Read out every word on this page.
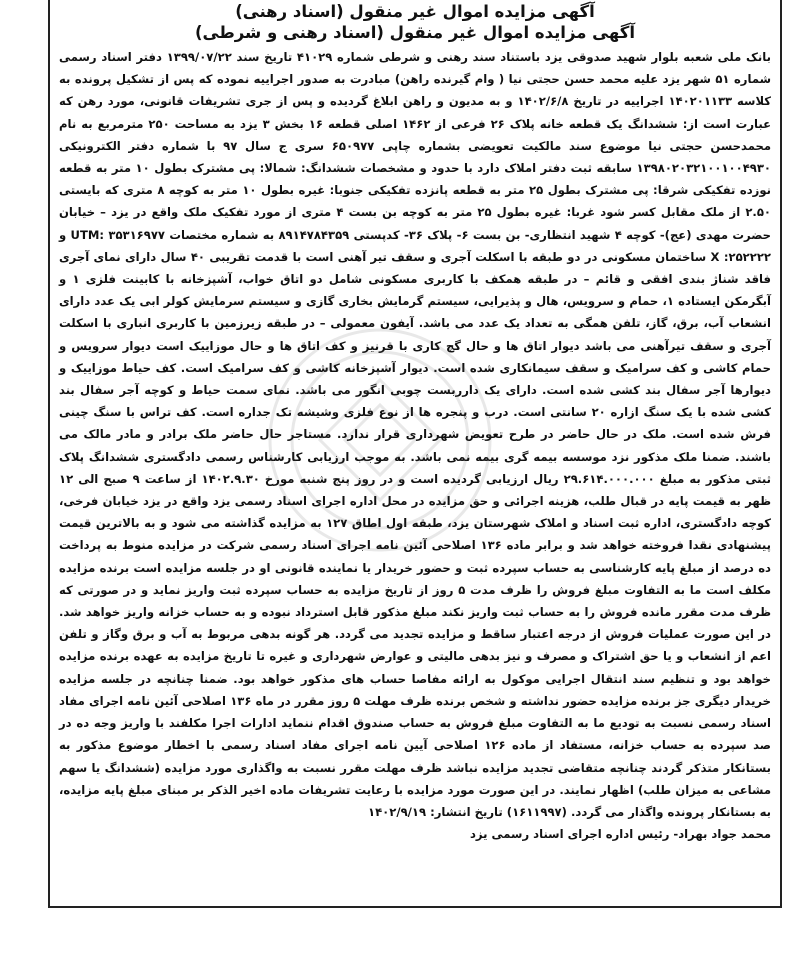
آگهی مزایده اموال غیر منقول (اسناد رهنی)
آگهی مزایده اموال غیر منقول (اسناد رهنی و شرطی)

بانک ملی شعبه بلوار شهید صدوقی یزد باستناد سند رهنی و شرطی شماره ۴۱۰۲۹ تاریخ سند ۱۳۹۹/۰۷/۲۲ دفتر اسناد رسمی شماره ۵۱ شهر یزد علیه محمد حسن حجتی نیا ( وام گیرنده راهن) مبادرت به صدور اجراییه نموده که پس از تشکیل پرونده به کلاسه ۱۴۰۲۰۱۱۳۳ اجراییه در تاریخ ۱۴۰۲/۶/۸ و به مدیون و راهن ابلاغ گردیده و پس از جری تشریفات قانونی، مورد رهن که عبارت است از: ششدانگ یک قطعه خانه پلاک ۲۶ فرعی از ۱۴۶۲ اصلی قطعه ۱۶ بخش ۳ یزد به مساحت ۲۵۰ مترمربع به نام محمدحسن حجتی نیا موضوع سند مالکیت تعویضی بشماره چاپی ۶۵۰۹۷۷ سری ج سال ۹۷ با شماره دفتر الکترونیکی ۱۳۹۸۰۲۰۳۲۱۰۰۱۰۰۴۹۳۰ سابقه ثبت دفتر املاک دارد با حدود و مشخصات ششدانگ: شمالا: پی مشترک بطول ۱۰ متر به قطعه نوزده تفکیکی شرقا: پی مشترک بطول ۲۵ متر به قطعه پانزده تفکیکی جنوبا: غیره بطول ۱۰ متر به کوچه ۸ متری که بایستی ۲.۵۰ از ملک مقابل کسر شود غربا: غیره بطول ۲۵ متر به کوچه بن بست ۴ متری از مورد تفکیک ملک واقع در یزد – خیابان حضرت مهدی (عج)- کوچه ۴ شهید انتظاری- بن بست ۶- پلاک ۳۶- کدپستی ۸۹۱۴۷۸۴۳۵۹ به شماره مختصات UTM: ۳۵۳۱۶۹۷۷ و ۲۵۲۲۲۲: X ساختمان مسکونی در دو طبقه با اسکلت آجری و سقف تیر آهنی است با قدمت تقریبی ۴۰ سال دارای نمای آجری فاقد شناژ بندی افقی و قائم – در طبقه همکف با کاربری مسکونی شامل دو اتاق خواب، آشپزخانه با کابینت فلزی ۱ و آبگرمکن ایستاده ۱، حمام و سرویس، هال و پذیرایی، سیستم گرمایش بخاری گازی و سیستم سرمایش کولر ابی یک عدد دارای انشعاب آب، برق، گاز، تلفن همگی به تعداد یک عدد می باشد. آیفون معمولی – در طبقه زیرزمین با کاربری انباری با اسکلت آجری و سقف تیرآهنی می باشد دیوار اتاق ها و حال گچ کاری با قرنیز و کف اتاق ها و حال موزاییک است دیوار سرویس و حمام کاشی و کف سرامیک و سقف سیمانکاری شده است. دیوار آشپزخانه کاشی و کف سرامیک است. کف حیاط موزاییک و دیوارها آجر سفال بند کشی شده است. دارای یک دارربست چوبی انگور می باشد. نمای سمت حیاط و کوچه آجر سفال بند کشی شده با یک سنگ ازاره ۲۰ سانتی است. درب و پنجره ها از نوع فلزی وشیشه تک جداره است. کف تراس با سنگ چینی فرش شده است. ملک در حال حاضر در طرح تعویض شهرداری قرار ندارد. مستاجر حال حاضر ملک برادر و مادر مالک می باشند. ضمنا ملک مذکور نزد موسسه بیمه گری بیمه نمی باشد. به موجب ارزیابی کارشناس رسمی دادگستری ششدانگ پلاک ثبتی مذکور به مبلغ ۲۹.۶۱۴.۰۰۰.۰۰۰ ریال ارزیابی گردیده است و در روز پنج شنبه مورخ ۱۴۰۲.۹.۳۰ از ساعت ۹ صبح الی ۱۲ ظهر به قیمت پایه در قبال طلب، هزینه اجرائی و حق مزایده در محل اداره اجرای اسناد رسمی یزد واقع در یزد خیابان فرخی، کوچه دادگستری، اداره ثبت اسناد و املاک شهرستان یزد، طبقه اول اطاق ۱۲۷ به مزایده گذاشته می شود و به بالاترین قیمت پیشنهادی نقدا فروخته خواهد شد و برابر ماده ۱۳۶ اصلاحی آئین نامه اجرای اسناد رسمی شرکت در مزایده منوط به پرداخت ده درصد از مبلغ پایه کارشناسی به حساب سپرده ثبت و حضور خریدار یا نماینده قانونی او در جلسه مزایده است برنده مزایده مکلف است ما به التفاوت مبلغ فروش را ظرف مدت ۵ روز از تاریخ مزایده به حساب سپرده ثبت واریز نماید و در صورتی که ظرف مدت مقرر مانده فروش را به حساب ثبت واریز نکند مبلغ مذکور قابل استرداد نبوده و به حساب خزانه واریز خواهد شد. در این صورت عملیات فروش از درجه اعتبار ساقط و مزایده تجدید می گردد. هر گونه بدهی مربوط به آب و برق وگاز و تلفن اعم از انشعاب و یا حق اشتراک و مصرف و نیز بدهی مالیتی و عوارض شهرداری و غیره تا تاریخ مزایده به عهده برنده مزایده خواهد بود و تنظیم سند انتقال اجرایی موکول به ارائه مفاصا حساب های مذکور خواهد بود. ضمنا چنانچه در جلسه مزایده خریدار دیگری جز برنده مزایده حضور نداشته و شخص برنده ظرف مهلت ۵ روز مقرر در ماه ۱۳۶ اصلاحی آئین نامه اجرای مفاد اسناد رسمی نسبت به تودیع ما به التفاوت مبلغ فروش به حساب صندوق اقدام ننماید ادارات اجرا مکلفند با واریز وجه ده در صد سپرده به حساب خزانه، مستفاد از ماده ۱۲۶ اصلاحی آیین نامه اجرای مفاد اسناد رسمی با اخطار موضوع مذکور به بستانکار متذکر گردند چنانچه متقاضی تجدید مزایده نباشد ظرف مهلت مقرر نسبت به واگذاری مورد مزایده (ششدانگ یا سهم مشاعی به میزان طلب) اظهار نمایند. در این صورت مورد مزایده با رعایت تشریفات ماده اخیر الذکر بر مبنای مبلغ پایه مزایده، به بستانکار پرونده واگذار می گردد. (۱۶۱۱۹۹۷) تاریخ انتشار: ۱۴۰۲/۹/۱۹

محمد جواد بهراد- رئیس اداره اجرای اسناد رسمی یزد
